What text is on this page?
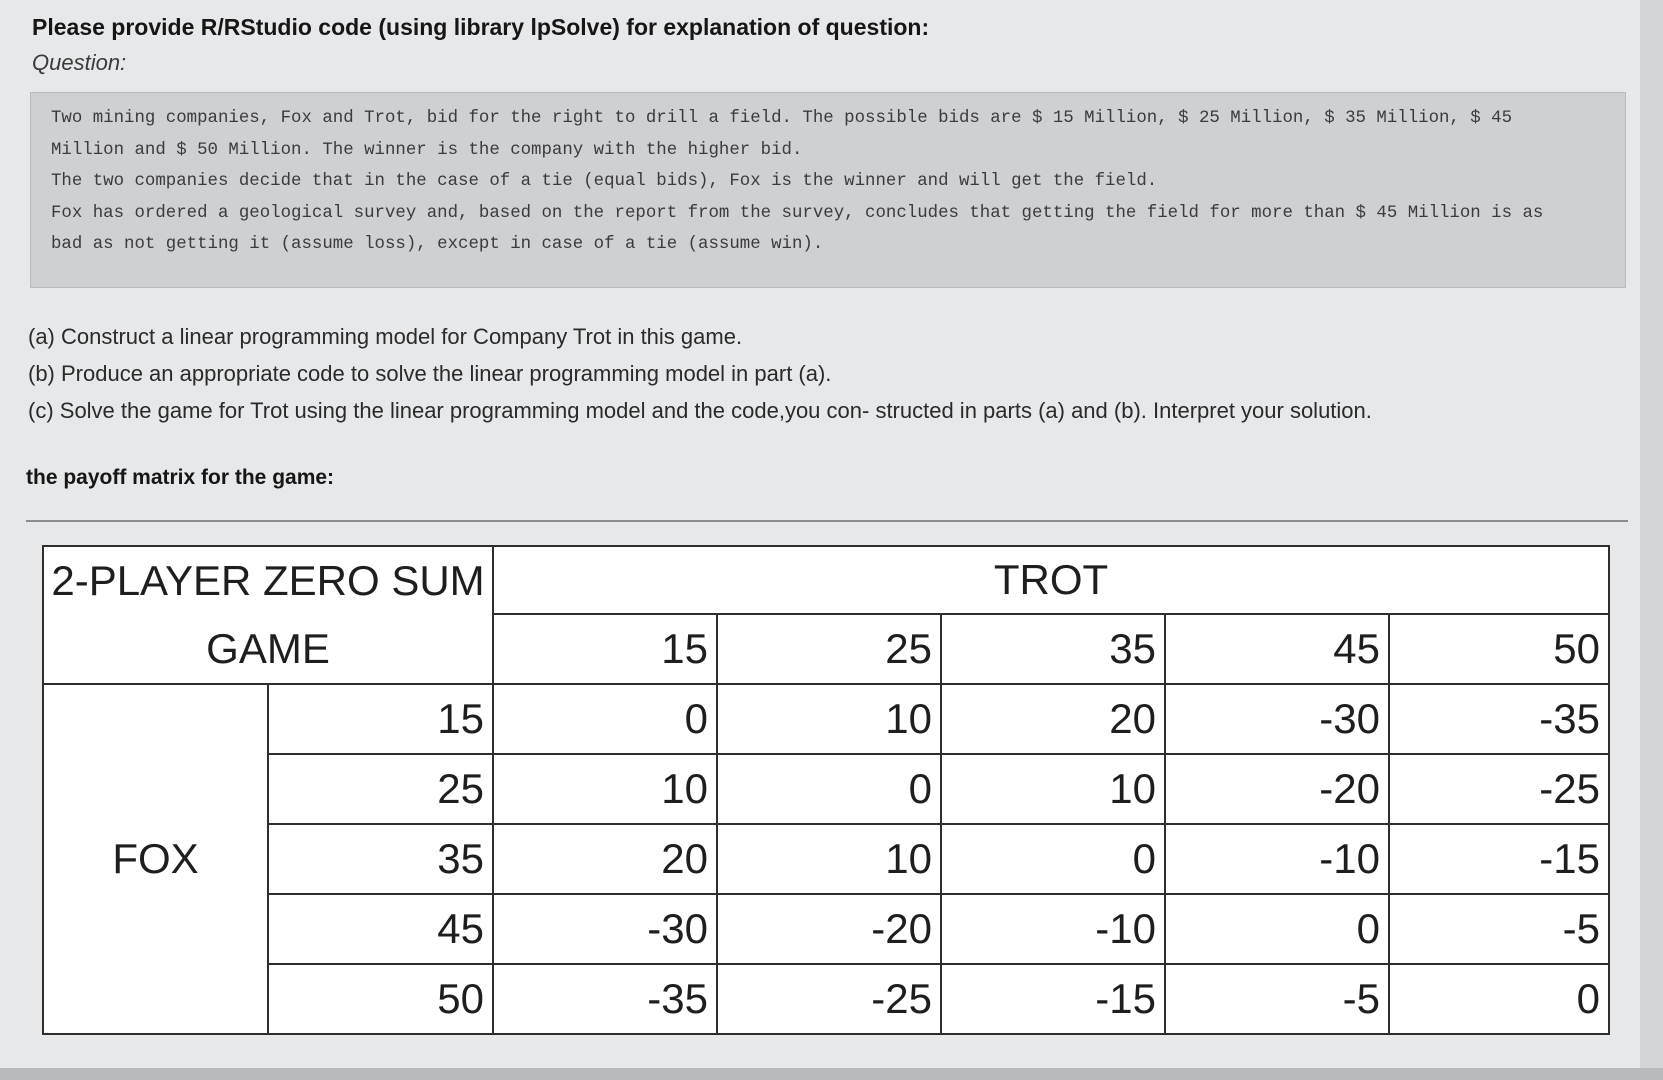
Please provide R/RStudio code (using library lpSolve) for explanation of question:
Question:
Two mining companies, Fox and Trot, bid for the right to drill a field. The possible bids are $ 15 Million, $ 25 Million, $ 35 Million, $ 45
Million and $ 50 Million. The winner is the company with the higher bid.
The two companies decide that in the case of a tie (equal bids), Fox is the winner and will get the field.
Fox has ordered a geological survey and, based on the report from the survey, concludes that getting the field for more than $ 45 Million is as
bad as not getting it (assume loss), except in case of a tie (assume win).
(a) Construct a linear programming model for Company Trot in this game.
(b) Produce an appropriate code to solve the linear programming model in part (a).
(c) Solve the game for Trot using the linear programming model and the code,you con- structed in parts (a) and (b). Interpret your solution.
the payoff matrix for the game:
2-PLAYER ZERO SUM
GAME
TROT
15	25	35	45	50
FOX
15	0	10	20	-30	-35
25	10	0	10	-20	-25
35	20	10	0	-10	-15
45	-30	-20	-10	0	-5
50	-35	-25	-15	-5	0
